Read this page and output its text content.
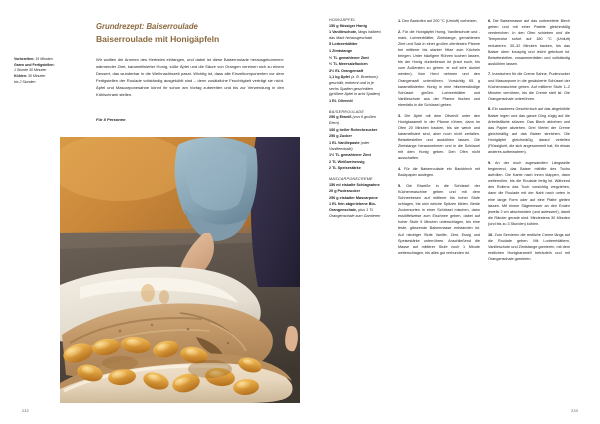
Vorbereiten: 15 Minuten
Garen und Fertigstellen:
1 Stunde 30 Minuten
Kühlen: 30 Minuten
bis 2 Stunden
Grundrezept: Baiserroulade
Baiserroulade mit Honigäpfeln
Wir wollten die Aromen des Herbstes einfangen, und dabei ist diese Baiserroulade herausgekommen: wärmender Zimt, karamellisierter Honig, süße Äpfel und die Säure von Orangen vereinen sich zu einem Dessert, das wunderbar in die Weihnachtszeit passt. Wichtig ist, dass alle Einzelkomponenten vor dem Fertigstellen der Roulade vollständig ausgekühlt sind – denn zusätzliche Feuchtigkeit verträgt sie nicht. Äpfel und Mascarponesahne könnt ihr schon am Vortag zubereiten und bis zur Verwendung in den Kühlschrank stellen.
Für 8 Personen
232
HONIGÄPFEL
150 g flüssiger Honig
1 Vanilleschote, längs halbiert, das Mark herausgeschabt
5 Lorbeerblätter
1 Zimtstange
½ TL gemahlener Zimt
½ TL Meersalzflocken
3½ EL Orangensaft
1,1 kg Äpfel (z. B. Braeburn), geschält, entkernt und in je sechs Spalten geschnitten (größere Äpfel in acht Spalten)
1 EL Olivenöl
BAISERROULADE
250 g Eiweiß (von 6 großen Eiern)
100 g heller Rohrohrzucker
250 g Zucker
1 EL Vanillepaste (oder Vanilleextrakt)
1½ TL gemahlener Zimt
2 TL Weißweinessig
2 TL Speisestärke
MASCARPONECREME
150 ml eiskalte Schlagsahne
20 g Puderzucker
250 g eiskalter Mascarpone
1 EL fein abgeriebene Bio-Orangenschale, plus 1 TL Orangenschale zum Garnieren

1. Den Backofen auf 200 °C (Umluft) vorheizen.

2. Für die Honigäpfel Honig, Vanilleschote und -mark, Lorbeerblätter, Zimtstange, gemahlenen Zimt und Salz in einer großen ofenfesten Pfanne bei mittlerer bis starker Hitze zum Köcheln bringen. Unter häufigem Rühren kochen lassen, bis der Honig dunkelbraun ist (traut euch, bis zum Äußersten zu gehen: er soll sehr dunkel werden). Vom Herd nehmen und den Orangensaft unterrühren. Vorsichtig 65 g karamellisierten Honig in eine hitzebeständige Schüssel gießen. Lorbeerblätter und Vanilleschote aus der Pfanne fischen und ebenfalls in die Schüssel geben.

3. Die Äpfel mit dem Olivenöl unter den Honigkaramell in der Pfanne rühren, dann im Ofen 20 Minuten backen, bis sie weich und karamellisiert sind, aber noch nicht zerfallen. Beiseitestellen und auskühlen lassen. Die Zimtstange herausnehmen und in die Schüssel mit dem Honig geben. Den Ofen nicht ausschalten.

4. Für die Baiserroulade ein Backblech mit Backpapier auslegen.

5. Die Eiweiße in die Schüssel der Küchenmaschine geben und mit dem Schneebesen auf mittlerer bis hoher Stufe schlagen, bis sich weiche Spitzen bilden. Beide Zuckersorten in einer Schüssel mischen, dann esslöffelweise zum Eischnee geben, dabei auf hoher Stufe 5 Minuten unterschlagen, bis eine feste, glänzende Baisermasse entstanden ist. Auf niedriger Stufe Vanille, Zimt, Essig und Speisestärke unterrühren. Anschließend die Masse auf mittlerer Stufe noch 1 Minute weiterschlagen, bis alles gut verbunden ist.

6. Die Baisermasse auf das vorbereitete Blech geben und mit einer Palette gleichmäßig verstreichen. In den Ofen schieben und die Temperatur sofort auf 180 °C (Umluft) reduzieren. 30–32 Minuten backen, bis das Baiser oben knusprig und leicht gebräunt ist. Beiseitestellen, zusammenfallen und vollständig auskühlen lassen.

7. Inzwischen für die Creme Sahne, Puderzucker und Mascarpone in die gesäuberte Schüssel der Küchenmaschine geben. Auf mittlerer Stufe 1–2 Minuten verrühren, bis die Creme steif ist. Die Orangenschale unterrühren.

8. Ein sauberes Geschirrtuch auf das abgekühlte Baiser legen und das ganze Ding zügig auf die Arbeitsfläche stürzen. Das Blech abheben und das Papier abziehen. Drei Viertel der Creme gleichmäßig auf das Baiser streichen. Die Honigäpfel gleichmäßig darauf verteilen (Flüssigkeit, die sich angesammelt hat, für etwas anderes aufbewahren).

9. An der euch zugewandten Längsseite beginnend, das Baiser mithilfe des Tuchs aufrollen. Die Kante nach innen klappen, dann weiterrollen, bis die Roulade fertig ist. Während des Rollens das Tuch vorsichtig wegziehen, dann die Roulade mit der Naht nach unten in eine lange Form oder auf eine Platte gleiten lassen. Mit einem Sägemesser an den Enden jeweils 2 cm abschneiden (und aufessen!), damit die Ränder gerade sind. Mindestens 30 Minuten (und bis zu 3 Stunden) kühlen.

10. Zum Servieren die restliche Creme längs auf die Roulade geben. Mit Lorbeerblättern, Vanilleschote und Zimtstange garnieren, mit dem restlichen Honigkaramell beträufeln und mit Orangenschale garnieren.

233
